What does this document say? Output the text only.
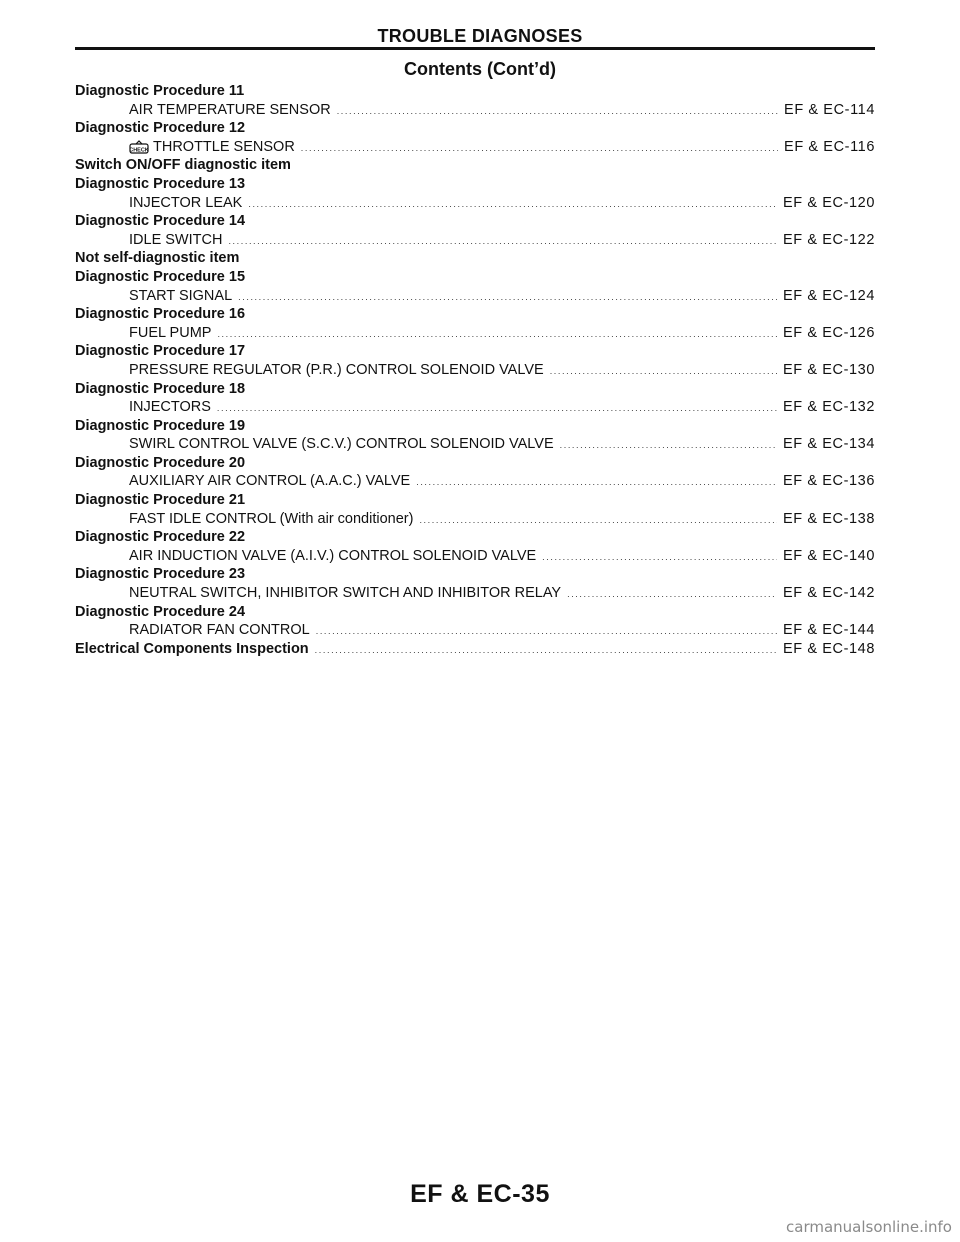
TROUBLE DIAGNOSES
Contents (Cont’d)
Diagnostic Procedure 11
AIR TEMPERATURE SENSOR .....	EF & EC-114
Diagnostic Procedure 12
CHECK THROTTLE SENSOR .....	EF & EC-116
Switch ON/OFF diagnostic item
Diagnostic Procedure 13
INJECTOR LEAK .....	EF & EC-120
Diagnostic Procedure 14
IDLE SWITCH .....	EF & EC-122
Not self-diagnostic item
Diagnostic Procedure 15
START SIGNAL .....	EF & EC-124
Diagnostic Procedure 16
FUEL PUMP .....	EF & EC-126
Diagnostic Procedure 17
PRESSURE REGULATOR (P.R.) CONTROL SOLENOID VALVE .....	EF & EC-130
Diagnostic Procedure 18
INJECTORS .....	EF & EC-132
Diagnostic Procedure 19
SWIRL CONTROL VALVE (S.C.V.) CONTROL SOLENOID VALVE .....	EF & EC-134
Diagnostic Procedure 20
AUXILIARY AIR CONTROL (A.A.C.) VALVE .....	EF & EC-136
Diagnostic Procedure 21
FAST IDLE CONTROL (With air conditioner) .....	EF & EC-138
Diagnostic Procedure 22
AIR INDUCTION VALVE (A.I.V.) CONTROL SOLENOID VALVE .....	EF & EC-140
Diagnostic Procedure 23
NEUTRAL SWITCH, INHIBITOR SWITCH AND INHIBITOR RELAY .....	EF & EC-142
Diagnostic Procedure 24
RADIATOR FAN CONTROL .....	EF & EC-144
Electrical Components Inspection .....	EF & EC-148
EF & EC-35
carmanualsonline.info
